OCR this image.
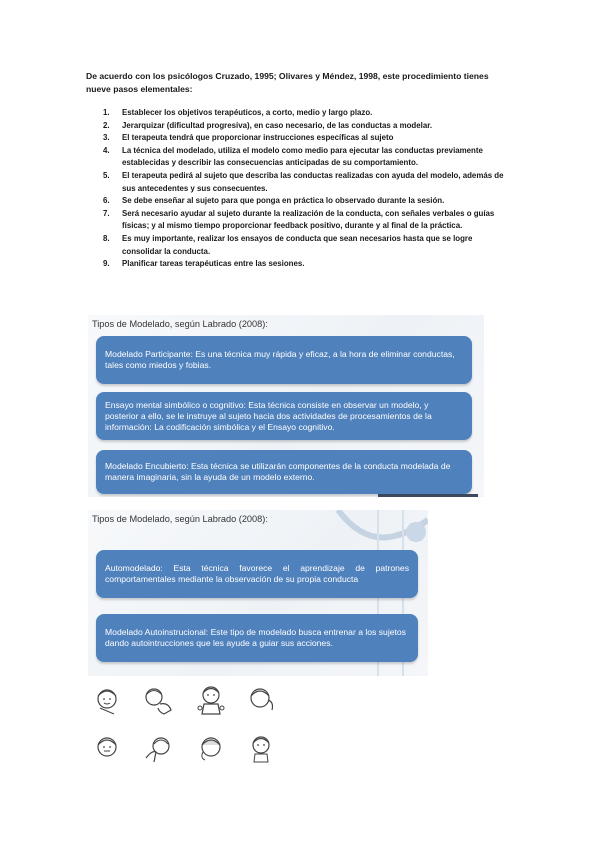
De acuerdo con los psicólogos Cruzado, 1995; Olivares y Méndez, 1998, este procedimiento tienes nueve pasos elementales:
1. Establecer los objetivos terapéuticos, a corto, medio y largo plazo.
2. Jerarquizar (dificultad progresiva), en caso necesario, de las conductas a modelar.
3. El terapeuta tendrá que proporcionar instrucciones específicas al sujeto
4. La técnica del modelado, utiliza el modelo como medio para ejecutar las conductas previamente establecidas y describir las consecuencias anticipadas de su comportamiento.
5. El terapeuta pedirá al sujeto que describa las conductas realizadas con ayuda del modelo, además de sus antecedentes y sus consecuentes.
6. Se debe enseñar al sujeto para que ponga en práctica lo observado durante la sesión.
7. Será necesario ayudar al sujeto durante la realización de la conducta, con señales verbales o guías físicas; y al mismo tiempo proporcionar feedback positivo, durante y al final de la práctica.
8. Es muy importante, realizar los ensayos de conducta que sean necesarios hasta que se logre consolidar la conducta.
9. Planificar tareas terapéuticas entre las sesiones.
Tipos de Modelado, según Labrado (2008):
Modelado Participante: Es una técnica muy rápida y eficaz, a la hora de eliminar conductas, tales como miedos y fobias.
Ensayo mental simbólico o cognitivo: Esta técnica consiste en observar un modelo, y posterior a ello, se le instruye al sujeto hacia dos actividades de procesamientos de la información: La codificación simbólica y el Ensayo cognitivo.
Modelado Encubierto: Esta técnica se utilizarán componentes de la conducta modelada de manera imaginaria, sin la ayuda de un modelo externo.
Tipos de Modelado, según Labrado (2008):
Automodelado: Esta técnica favorece el aprendizaje de patrones comportamentales mediante la observación de su propia conducta
Modelado Autoinstrucional: Este tipo de modelado busca entrenar a los sujetos dando autointrucciones que les ayude a guiar sus acciones.
